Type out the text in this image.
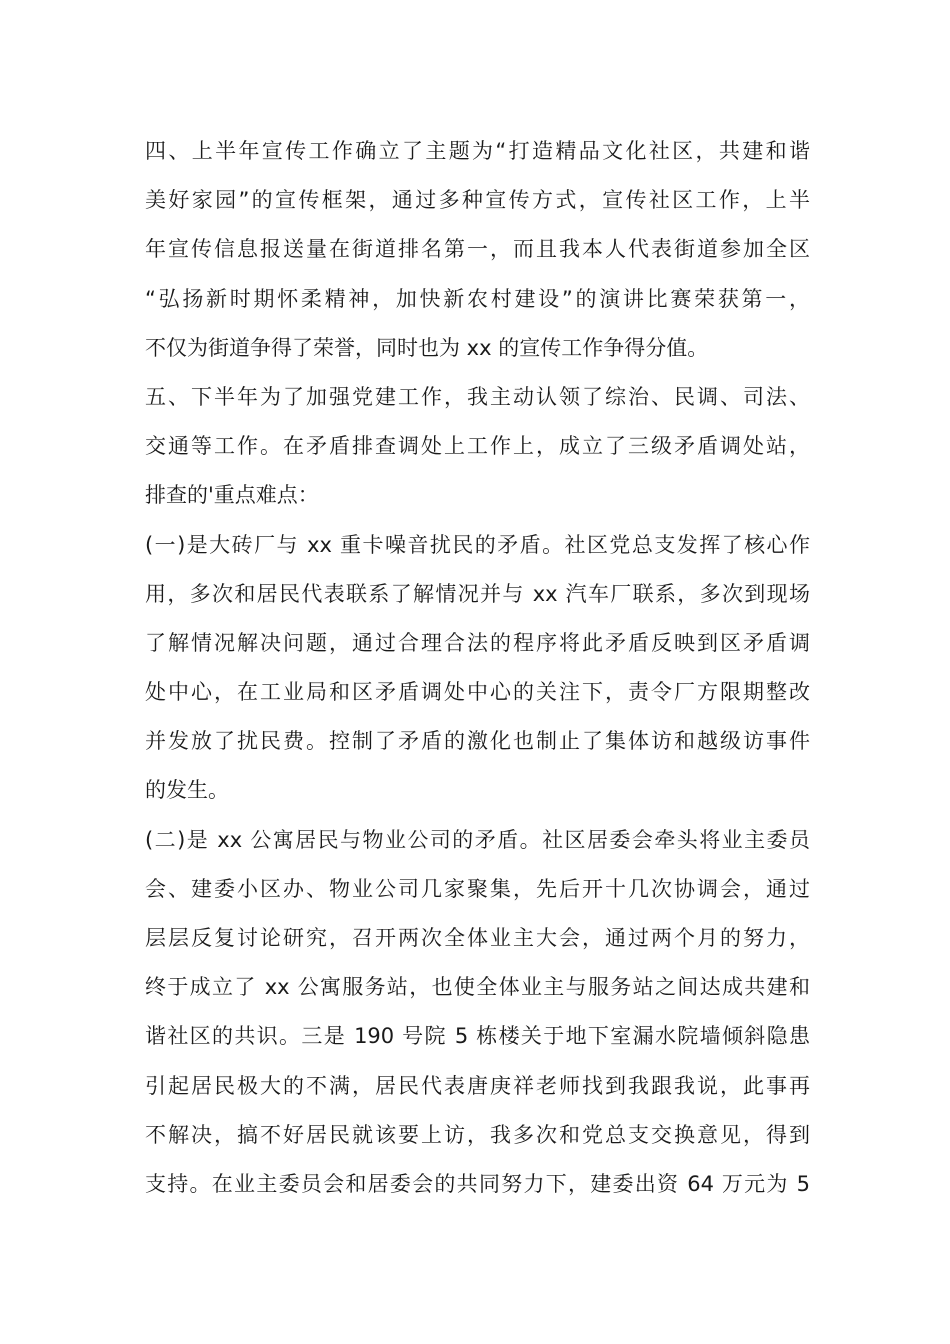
四、上半年宣传工作确立了主题为“打造精品文化社区，共建和谐
美好家园”的宣传框架，通过多种宣传方式，宣传社区工作，上半
年宣传信息报送量在街道排名第一，而且我本人代表街道参加全区
“弘扬新时期怀柔精神，加快新农村建设”的演讲比赛荣获第一，
不仅为街道争得了荣誉，同时也为 xx 的宣传工作争得分值。
五、下半年为了加强党建工作，我主动认领了综治、民调、司法、
交通等工作。在矛盾排查调处上工作上，成立了三级矛盾调处站，
排查的'重点难点：
(一)是大砖厂与 xx 重卡噪音扰民的矛盾。社区党总支发挥了核心作
用，多次和居民代表联系了解情况并与 xx 汽车厂联系，多次到现场
了解情况解决问题，通过合理合法的程序将此矛盾反映到区矛盾调
处中心，在工业局和区矛盾调处中心的关注下，责令厂方限期整改
并发放了扰民费。控制了矛盾的激化也制止了集体访和越级访事件
的发生。
(二)是 xx 公寓居民与物业公司的矛盾。社区居委会牵头将业主委员
会、建委小区办、物业公司几家聚集，先后开十几次协调会，通过
层层反复讨论研究，召开两次全体业主大会，通过两个月的努力，
终于成立了 xx 公寓服务站，也使全体业主与服务站之间达成共建和
谐社区的共识。三是 190 号院 5 栋楼关于地下室漏水院墙倾斜隐患
引起居民极大的不满，居民代表唐庚祥老师找到我跟我说，此事再
不解决，搞不好居民就该要上访，我多次和党总支交换意见，得到
支持。在业主委员会和居委会的共同努力下，建委出资 64 万元为 5
